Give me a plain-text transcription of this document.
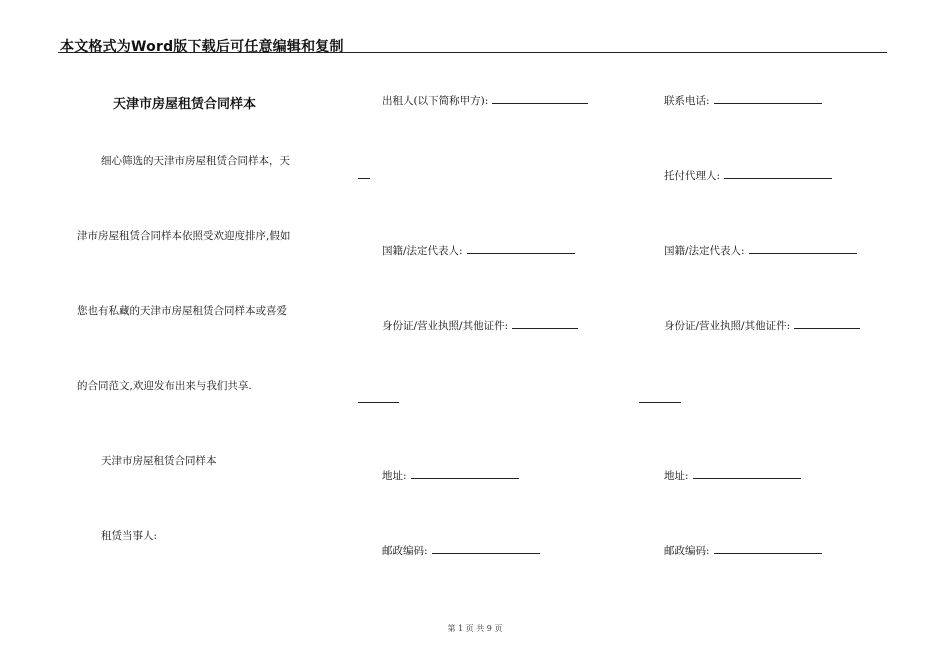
本文格式为Word版下载后可任意编辑和复制
天津市房屋租赁合同样本
细心筛选的天津市房屋租赁合同样本，天
津市房屋租赁合同样本依照受欢迎度排序,假如
您也有私藏的天津市房屋租赁合同样本或喜爱
的合同范文,欢迎发布出来与我们共享.
天津市房屋租赁合同样本
租赁当事人:
出租人(以下简称甲方):
国籍/法定代表人:
身份证/营业执照/其他证件:
地址:
邮政编码:
联系电话:
托付代理人:
国籍/法定代表人:
身份证/营业执照/其他证件:
地址:
邮政编码:
第 1 页 共 9 页
